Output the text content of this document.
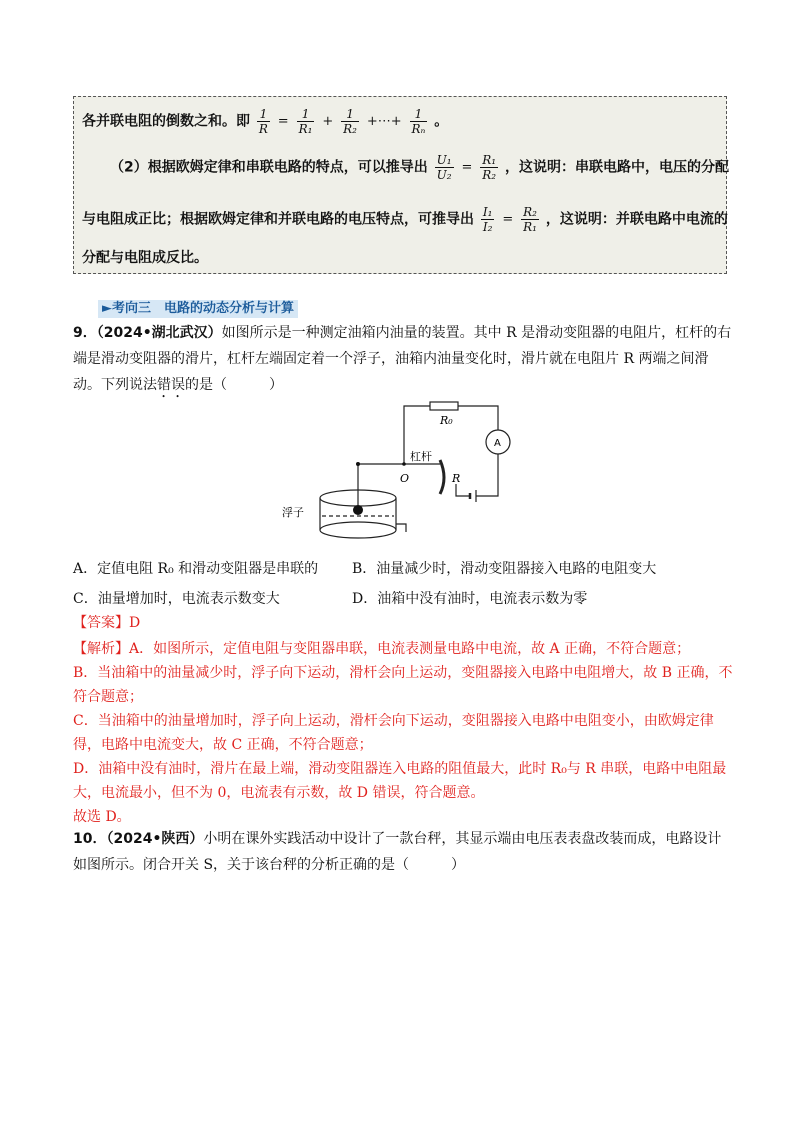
各并联电阻的倒数之和。即 $\frac{1}{R} = \frac{1}{\text{R₁}} + \frac{1}{\text{R₂}}$ +⋯+ $\frac{1}{\text{Rₙ}}$ 。
（2）根据欧姆定律和串联电路的特点，可以推导出 $\frac{\text{U₁}}{\text{U₂}} = \frac{\text{R₁}}{\text{R₂}}$ ，这说明：串联电路中，电压的分配
与电阻成正比；根据欧姆定律和并联电路的电压特点，可推导出 $\frac{\text{I₁}}{\text{I₂}} = \frac{\text{R₂}}{\text{R₁}}$ ，这说明：并联电路中电流的
分配与电阻成反比。
►考向三　电路的动态分析与计算
9．（2024•湖北武汉）如图所示是一种测定油箱内油量的装置。其中 R 是滑动变阻器的电阻片，杠杆的右
端是滑动变阻器的滑片，杠杆左端固定着一个浮子，油箱内油量变化时，滑片就在电阻片 R 两端之间滑
动。下列说法错误的是（　　　）
R₀
A
杠杆
O	R
浮子
A．定值电阻 R₀ 和滑动变阻器是串联的 B．油量减少时，滑动变阻器接入电路的电阻变大
C．油量增加时，电流表示数变大	D．油箱中没有油时，电流表示数为零
【答案】D
【解析】A．如图所示，定值电阻与变阻器串联，电流表测量电路中电流，故 A 正确，不符合题意；
B．当油箱中的油量减少时，浮子向下运动，滑杆会向上运动，变阻器接入电路中电阻增大，故 B 正确，不
符合题意；
C．当油箱中的油量增加时，浮子向上运动，滑杆会向下运动，变阻器接入电路中电阻变小，由欧姆定律
得，电路中电流变大，故 C 正确，不符合题意；
D．油箱中没有油时，滑片在最上端，滑动变阻器连入电路的阻值最大，此时 R₀与 R 串联，电路中电阻最
大，电流最小，但不为 0，电流表有示数，故 D 错误，符合题意。
故选 D。
10．（2024•陕西）小明在课外实践活动中设计了一款台秤，其显示端由电压表表盘改装而成，电路设计
如图所示。闭合开关 S，关于该台秤的分析正确的是（　　　）
